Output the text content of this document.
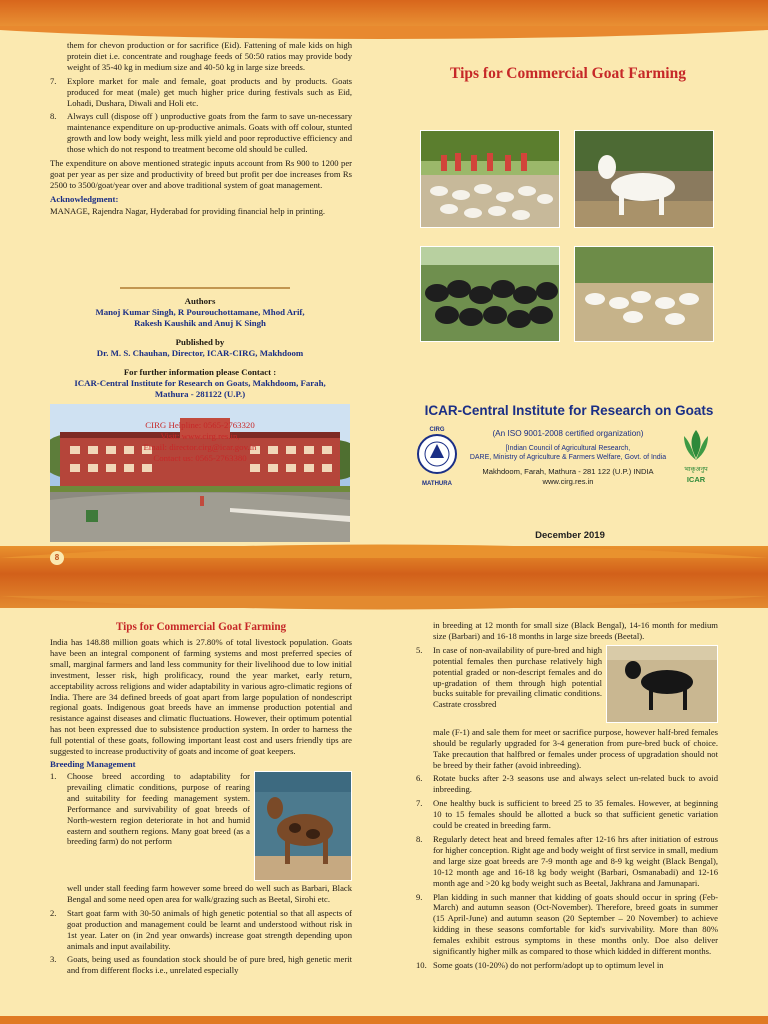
8

them for chevon production or for sacrifice (Eid). Fattening of male kids on high protein diet i.e. concentrate and roughage feeds of 50:50 ratios may provide body weight of 35-40 kg in medium size and 40-50 kg in large size breeds.

7. Explore market for male and female, goat products and by products. Goats produced for meat (male) get much higher price during festivals such as Eid, Lohadi, Dushara, Diwali and Holi etc.
8. Always cull (dispose off ) unproductive goats from the farm to save un-necessary maintenance expenditure on up-productive animals. Goats with off colour, stunted growth and low body weight, less milk yield and poor reproductive efficiency and those which do not respond to treatment become old should be culled.

The expenditure on above mentioned strategic inputs account from Rs 900 to 1200 per goat per year as per size and productivity of breed but profit per doe increases from Rs 2500 to 3500/goat/year over and above traditional system of goat management.

Acknowledgment:

MANAGE, Rajendra Nagar, Hyderabad for providing financial help in printing.

Authors

Manoj Kumar Singh, R Pourouchottamane, Mhod Arif,

Rakesh Kaushik and Anuj K Singh

Published by

Dr. M. S. Chauhan, Director, ICAR-CIRG, Makhdoom

For further information please Contact :

ICAR-Central Institute for Research on Goats, Makhdoom, Farah,

Mathura - 281122 (U.P.)

CIRG Helpline: 0565-2763320

Visit: www.cirg.res.in,

Email: director.cirg@icar.gov.in

Contact us: 0565-2763380

Tips for Commercial Goat Farming

ICAR-Central Institute for Research on Goats

CIRG
MATHURA

(An ISO 9001-2008 certified organization)

[Indian Council of Agricultural Research,

DARE, Ministry of Agriculture & Farmers Welfare, Govt. of India

Makhdoom, Farah, Mathura - 281 122 (U.P.) INDIA

www.cirg.res.in

भाकृअनुप
ICAR

December 2019

Tips for Commercial Goat Farming

India has 148.88 million goats which is 27.80% of total livestock population. Goats have been an integral component of farming systems and most preferred species of small, marginal farmers and land less community for their livelihood due to low initial investment, lesser risk, high prolificacy, round the year market, early return, acceptability across religions and wider adaptability in various agro-climatic regions of India. There are 34 defined breeds of goat apart from large population of nondescript regional goats. Indigenous goat breeds have an immense production potential and resistance against diseases and climatic fluctuations. However, their optimum potential has not been expressed due to subsistence production system. In order to harness the full potential of these goats, following important least cost and users friendly tips are suggested to increase productivity of goats and income of goat keepers.

Breeding Management

1. Choose breed according to adaptability for prevailing climatic conditions, purpose of rearing and suitability for feeding management system. Performance and survivability of goat breeds of North-western region deteriorate in hot and humid eastern and southern regions. Many goat breed (as a breeding farm) do not perform

well under stall feeding farm however some breed do well such as Barbari, Black Bengal and some need open area for walk/grazing such as Beetal, Sirohi etc.

2. Start goat farm with 30-50 animals of high genetic potential so that all aspects of goat production and management could be learnt and understood without risk in 1st year. Later on (in 2nd year onwards) increase goat strength depending upon animals and input availability.
3. Goats, being used as foundation stock should be of pure bred, high genetic merit and from different flocks i.e., unrelated especially

in breeding at 12 month for small size (Black Bengal), 14-16 month for medium size (Barbari) and 16-18 months in large size breeds (Beetal).

5. In case of non-availability of pure-bred and high potential females then purchase relatively high potential graded or non-descript females and do up-gradation of them through high potential bucks suitable for prevailing climatic conditions. Castrate crossbred

male (F-1) and sale them for meet or sacrifice purpose, however half-bred females should be regularly upgraded for 3-4 generation from pure-bred buck of choice. Take precaution that halfbred or females under process of upgradation should not be breed by their father (avoid inbreeding).

6. Rotate bucks after 2-3 seasons use and always select un-related buck to avoid inbreeding.
7. One healthy buck is sufficient to breed 25 to 35 females. However, at beginning 10 to 15 females should be allotted a buck so that sufficient genetic variation could be created in breeding farm.
8. Regularly detect heat and breed females after 12-16 hrs after initiation of estrous for higher conception. Right age and body weight of first service in small, medium and large size goat breeds are 7-9 month age and 8-9 kg weight (Black Bengal), 10-12 month age and 16-18 kg body weight (Barbari, Osmanabadi) and 12-16 month age and >20 kg body weight such as Beetal, Jakhrana and Jamunapari.
9. Plan kidding in such manner that kidding of goats should occur in spring (Feb-March) and autumn season (Oct-November). Therefore, breed goats in summer (15 April-June) and autumn season (20 September – 20 November) to achieve kidding in these seasons comfortable for kid's survivability. More than 80% females exhibit estrous symptoms in these months only. Doe also deliver significantly higher milk as compared to those which kidded in different months.
10. Some goats (10-20%) do not perform/adopt up to optimum level in
